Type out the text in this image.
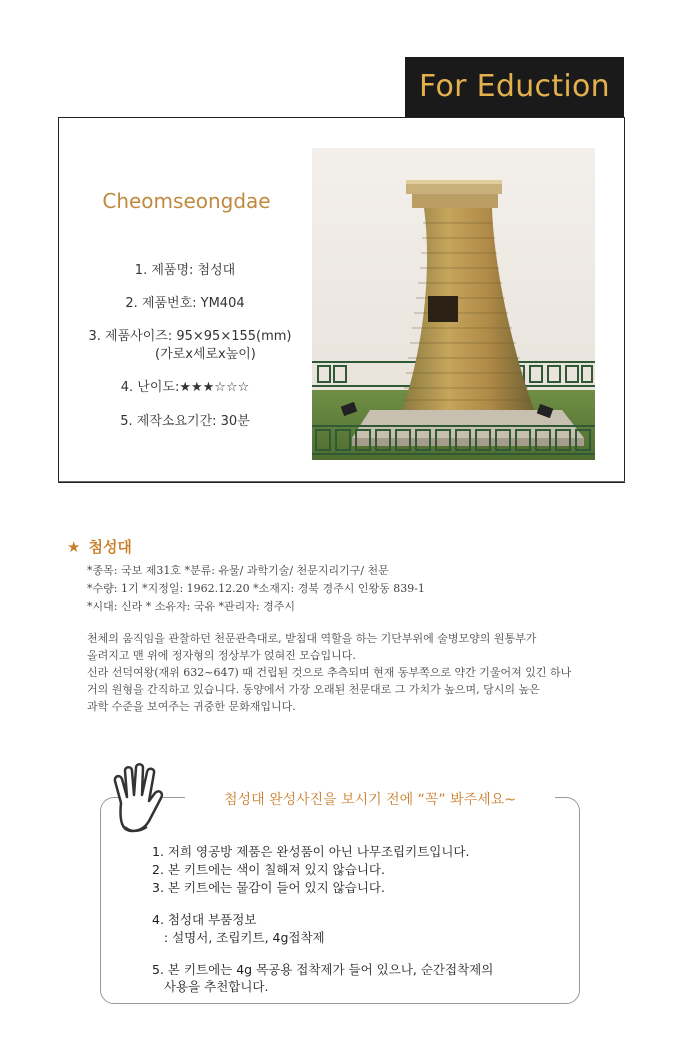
For Eduction
Cheomseongdae
1. 제품명: 첨성대
2. 제품번호: YM404
3. 제품사이즈: 95×95×155(mm)
(가로x세로x높이)
4. 난이도:★★★☆☆☆
5. 제작소요기간: 30분
★ 첨성대
*종목: 국보 제31호 *분류: 유물/ 과학기술/ 천문지리기구/ 천문
*수량: 1기 *지정일: 1962.12.20 *소재지: 경북 경주시 인왕동 839-1
*시대: 신라 * 소유자: 국유 *관리자: 경주시
천체의 움직임을 관찰하던 천문관측대로, 받침대 역할을 하는 기단부위에 술병모양의 원통부가
올려지고 맨 위에 정자형의 정상부가 얹혀진 모습입니다.
신라 선덕여왕(재위 632~647) 때 건립된 것으로 추측되며 현재 동부쪽으로 약간 기울어져 있긴 하나
거의 원형을 간직하고 있습니다. 동양에서 가장 오래된 천문대로 그 가치가 높으며, 당시의 높은
과학 수준을 보여주는 귀중한 문화재입니다.
첨성대 완성사진을 보시기 전에 “꼭” 봐주세요~
1. 저희 영공방 제품은 완성품이 아닌 나무조립키트입니다.
2. 본 키트에는 색이 칠해져 있지 않습니다.
3. 본 키트에는 물감이 들어 있지 않습니다.
4. 첨성대 부품정보
: 설명서, 조립키트, 4g접착제
5. 본 키트에는 4g 목공용 접착제가 들어 있으나, 순간접착제의
사용을 추천합니다.
